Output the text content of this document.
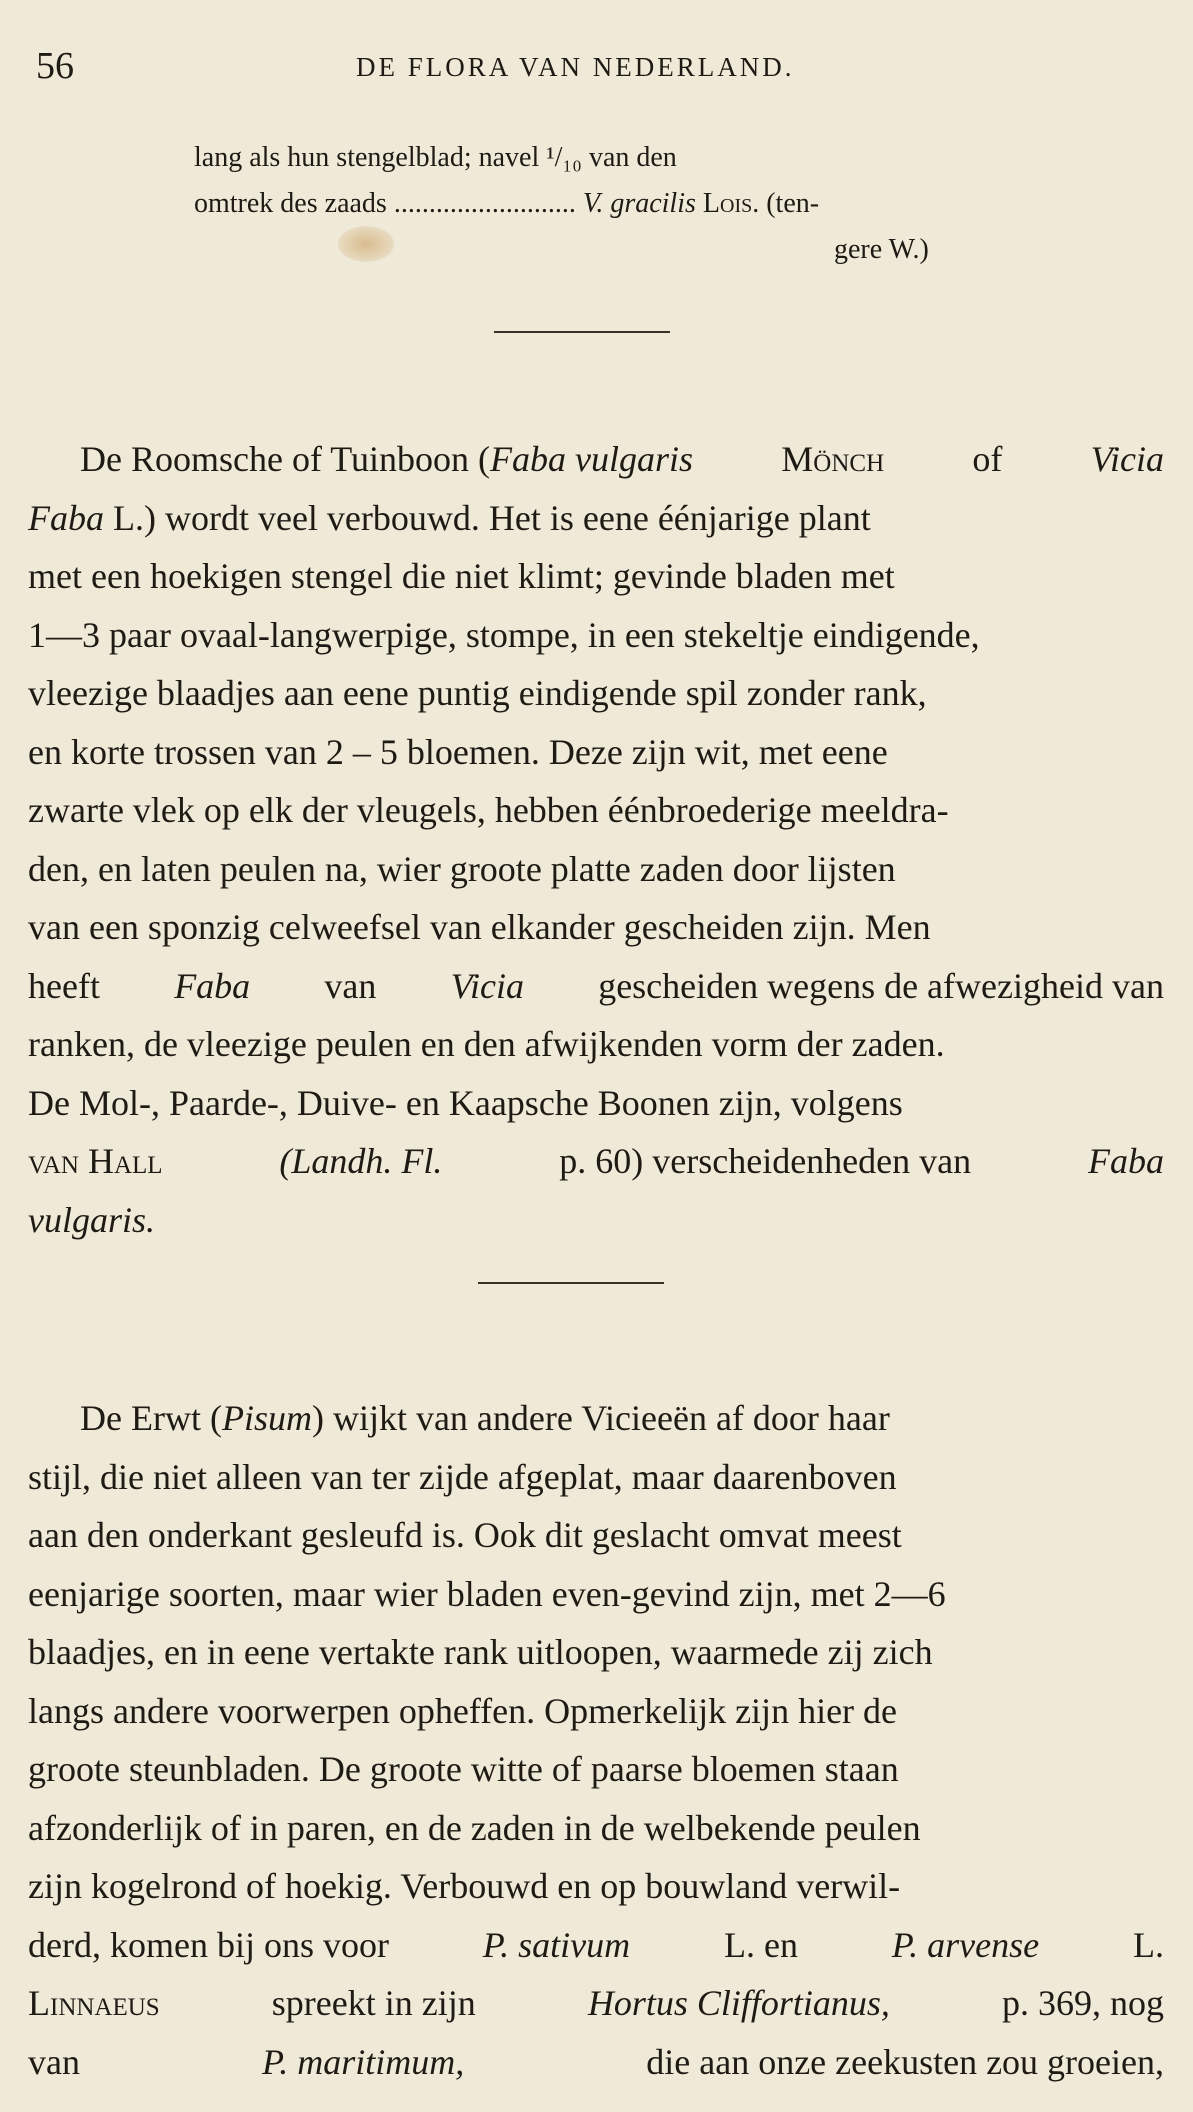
56	DE FLORA VAN NEDERLAND.
lang als hun stengelblad; navel ¹/₁₀ van den
omtrek des zaads .......................... V. gracilis Lois. (ten-
gere W.)
De Roomsche of Tuinboon (Faba vulgaris Mönch of Vicia
Faba L.) wordt veel verbouwd. Het is eene éénjarige plant
met een hoekigen stengel die niet klimt; gevinde bladen met
1—3 paar ovaal-langwerpige, stompe, in een stekeltje eindigende,
vleezige blaadjes aan eene puntig eindigende spil zonder rank,
en korte trossen van 2 – 5 bloemen. Deze zijn wit, met eene
zwarte vlek op elk der vleugels, hebben éénbroederige meeldra-
den, en laten peulen na, wier groote platte zaden door lijsten
van een sponzig celweefsel van elkander gescheiden zijn. Men
heeft Faba van Vicia gescheiden wegens de afwezigheid van
ranken, de vleezige peulen en den afwijkenden vorm der zaden.
De Mol-, Paarde-, Duive- en Kaapsche Boonen zijn, volgens
van Hall	(Landh. Fl.	p. 60) verscheidenheden van	Faba
vulgaris.
De Erwt (Pisum) wijkt van andere Vicieeën af door haar
stijl, die niet alleen van ter zijde afgeplat, maar daarenboven
aan den onderkant gesleufd is. Ook dit geslacht omvat meest
eenjarige soorten, maar wier bladen even-gevind zijn, met 2—6
blaadjes, en in eene vertakte rank uitloopen, waarmede zij zich
langs andere voorwerpen opheffen. Opmerkelijk zijn hier de
groote steunbladen. De groote witte of paarse bloemen staan
afzonderlijk of in paren, en de zaden in de welbekende peulen
zijn kogelrond of hoekig. Verbouwd en op bouwland verwil-
derd, komen bij ons voor	P. sativum	L. en	P. arvense	L.
Linnaeus	spreekt in zijn	Hortus Cliffortianus,	p. 369, nog
van	P. maritimum,	die aan onze zeekusten zou groeien,
